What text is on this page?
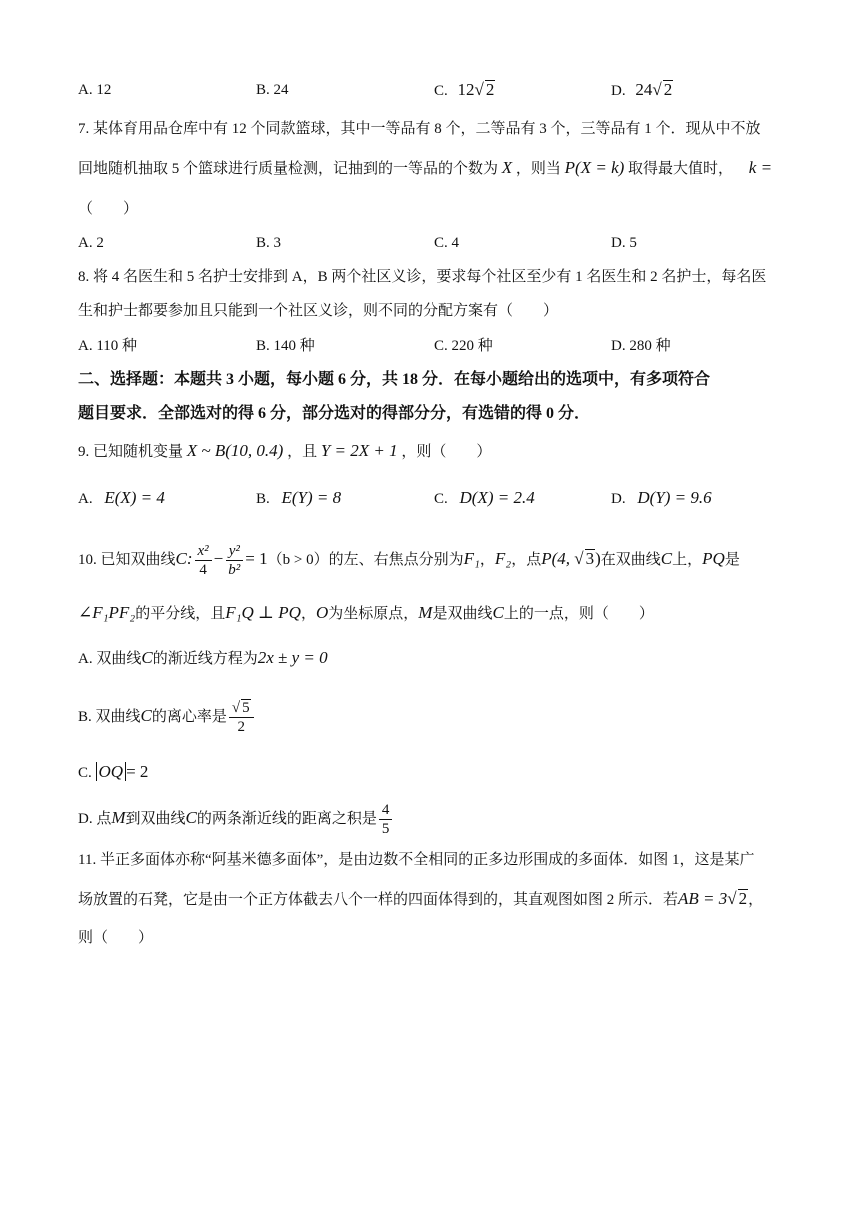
A. 12	B. 24	C. 12√ 2	D. 24√ 2
7. 某体育用品仓库中有 12 个同款篮球，其中一等品有 8 个，二等品有 3 个，三等品有 1 个．现从中不放
回地随机抽取 5 个篮球进行质量检测，记抽到的一等品的个数为 X ，则当 P(X = k) 取得最大值时， k =
（　　）
A. 2	B. 3	C. 4	D. 5
8. 将 4 名医生和 5 名护士安排到 A，B 两个社区义诊，要求每个社区至少有 1 名医生和 2 名护士，每名医
生和护士都要参加且只能到一个社区义诊，则不同的分配方案有（　　）
A. 110 种	B. 140 种	C. 220 种	D. 280 种
二、选择题：本题共 3 小题，每小题 6 分，共 18 分．在每小题给出的选项中，有多项符合
题目要求．全部选对的得 6 分，部分选对的得部分分，有选错的得 0 分．
9. 已知随机变量 X ~ B(10, 0.4) ，且 Y = 2X + 1 ，则（　　）
A. E(X) = 4	B. E(Y) = 8	C. D(X) = 2.4	D. D(Y) = 9.6
10. 已知双曲线C: $\frac{\text{x²}}{4} - \frac{\text{y²}}{\text{b²}} = 1(b > 0)$的左、右焦点分别为F₁，F₂，点P(4, √ 3)在双曲线C上，PQ是
∠F₁PF₂的平分线，且F₁Q ⊥ PQ，O为坐标原点，M是双曲线C上的一点，则（　　）
A. 双曲线C的渐近线方程为2x ± y = 0
B. 双曲线C的离心率是 $\frac{√ 5}{2}$
C. OQ = 2
D. 点M到双曲线C的两条渐近线的距离之积是 $\frac{4}{5}$
11. 半正多面体亦称“阿基米德多面体”，是由边数不全相同的正多边形围成的多面体．如图 1，这是某广
场放置的石凳，它是由一个正方体截去八个一样的四面体得到的，其直观图如图 2 所示．若AB = 3√ 2，
则（　　）
